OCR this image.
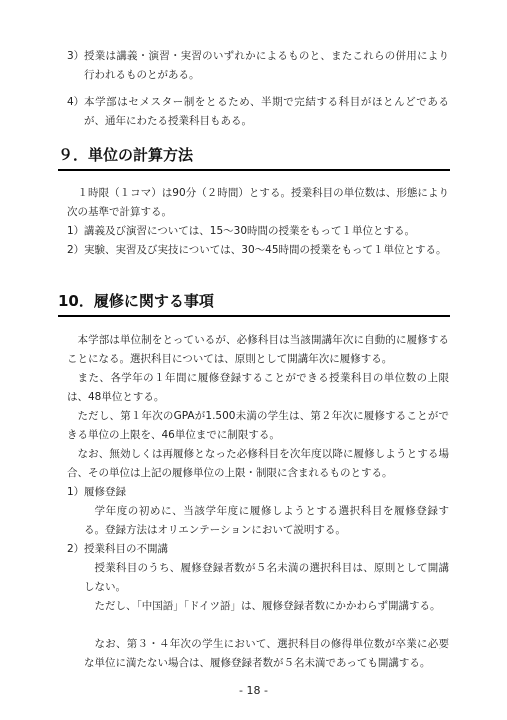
3） 授業は講義・演習・実習のいずれかによるものと、またこれらの併用により行われるものとがある。
4） 本学部はセメスター制をとるため、半期で完結する科目がほとんどであるが、通年にわたる授業科目もある。
９．単位の計算方法
１時限（１コマ）は90分（２時間）とする。授業科目の単位数は、形態により次の基準で計算する。
1） 講義及び演習については、15〜30時間の授業をもって１単位とする。
2） 実験、実習及び実技については、30〜45時間の授業をもって１単位とする。
10．履修に関する事項
本学部は単位制をとっているが、必修科目は当該開講年次に自動的に履修することになる。選択科目については、原則として開講年次に履修する。
また、各学年の１年間に履修登録することができる授業科目の単位数の上限は、48単位とする。
ただし、第１年次のGPAが1.500未満の学生は、第２年次に履修することができる単位の上限を、46単位までに制限する。
なお、無効しくは再履修となった必修科目を次年度以降に履修しようとする場合、その単位は上記の履修単位の上限・制限に含まれるものとする。
1） 履修登録
学年度の初めに、当該学年度に履修しようとする選択科目を履修登録する。登録方法はオリエンテーションにおいて説明する。
2） 授業科目の不開講
授業科目のうち、履修登録者数が５名未満の選択科目は、原則として開講しない。
ただし、「中国語」「ドイツ語」は、履修登録者数にかかわらず開講する。
なお、第３・４年次の学生において、選択科目の修得単位数が卒業に必要な単位に満たない場合は、履修登録者数が５名未満であっても開講する。
- 18 -
